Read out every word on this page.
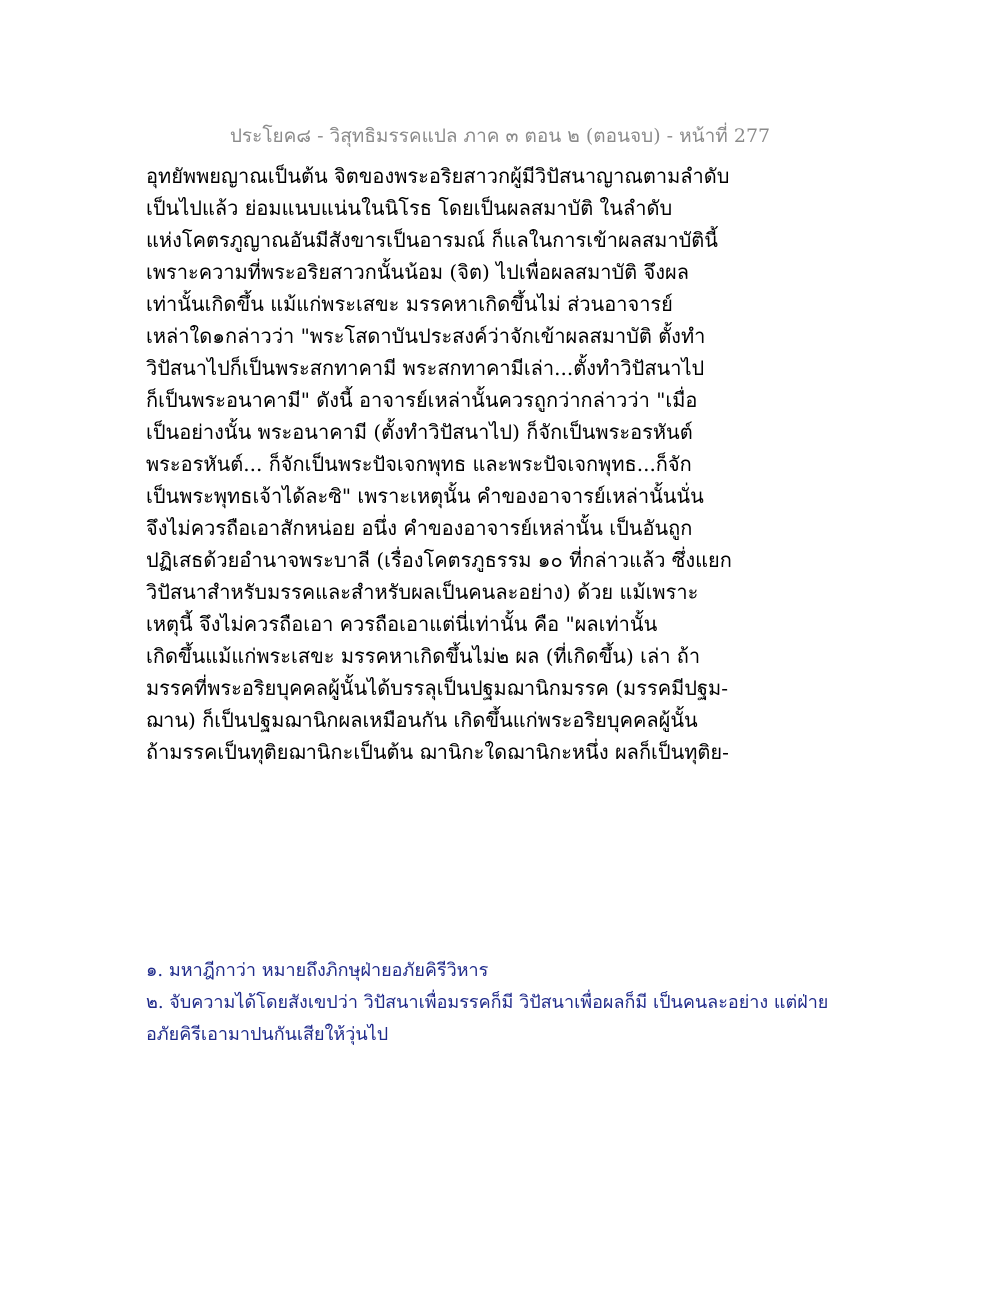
ประโยค๘ - วิสุทธิมรรคแปล ภาค ๓ ตอน ๒ (ตอนจบ) - หน้าที่ 277
อุทยัพพยญาณเป็นต้น จิตของพระอริยสาวกผู้มีวิปัสนาญาณตามลำดับ
เป็นไปแล้ว ย่อมแนบแน่นในนิโรธ โดยเป็นผลสมาบัติ ในลำดับ
แห่งโคตรภูญาณอันมีสังขารเป็นอารมณ์ ก็แลในการเข้าผลสมาบัตินี้
เพราะความที่พระอริยสาวกนั้นน้อม (จิต) ไปเพื่อผลสมาบัติ จึงผล
เท่านั้นเกิดขึ้น แม้แก่พระเสขะ มรรคหาเกิดขึ้นไม่ ส่วนอาจารย์
เหล่าใด๑กล่าวว่า "พระโสดาบันประสงค์ว่าจักเข้าผลสมาบัติ ตั้งทำ
วิปัสนาไปก็เป็นพระสกทาคามี พระสกทาคามีเล่า...ตั้งทำวิปัสนาไป
ก็เป็นพระอนาคามี" ดังนี้ อาจารย์เหล่านั้นควรถูกว่ากล่าวว่า "เมื่อ
เป็นอย่างนั้น พระอนาคามี (ตั้งทำวิปัสนาไป) ก็จักเป็นพระอรหันต์
พระอรหันต์... ก็จักเป็นพระปัจเจกพุทธ และพระปัจเจกพุทธ...ก็จัก
เป็นพระพุทธเจ้าได้ละซิ" เพราะเหตุนั้น คำของอาจารย์เหล่านั้นนั่น
จึงไม่ควรถือเอาสักหน่อย อนึ่ง คำของอาจารย์เหล่านั้น เป็นอันถูก
ปฏิเสธด้วยอำนาจพระบาลี (เรื่องโคตรภูธรรม ๑๐ ที่กล่าวแล้ว ซึ่งแยก
วิปัสนาสำหรับมรรคและสำหรับผลเป็นคนละอย่าง) ด้วย แม้เพราะ
เหตุนี้ จึงไม่ควรถือเอา ควรถือเอาแต่นี่เท่านั้น คือ "ผลเท่านั้น
เกิดขึ้นแม้แก่พระเสขะ มรรคหาเกิดขึ้นไม่๒ ผล (ที่เกิดขึ้น) เล่า ถ้า
มรรคที่พระอริยบุคคลผู้นั้นได้บรรลุเป็นปฐมฌานิกมรรค (มรรคมีปฐม-
ฌาน) ก็เป็นปฐมฌานิกผลเหมือนกัน เกิดขึ้นแก่พระอริยบุคคลผู้นั้น
ถ้ามรรคเป็นทุติยฌานิกะเป็นต้น ฌานิกะใดฌานิกะหนึ่ง ผลก็เป็นทุติย-
๑. มหาฎีกาว่า หมายถึงภิกษุฝ่ายอภัยคิรีวิหาร
๒. จับความได้โดยสังเขปว่า วิปัสนาเพื่อมรรคก็มี วิปัสนาเพื่อผลก็มี เป็นคนละอย่าง แต่ฝ่าย
อภัยคิรีเอามาปนกันเสียให้วุ่นไป
